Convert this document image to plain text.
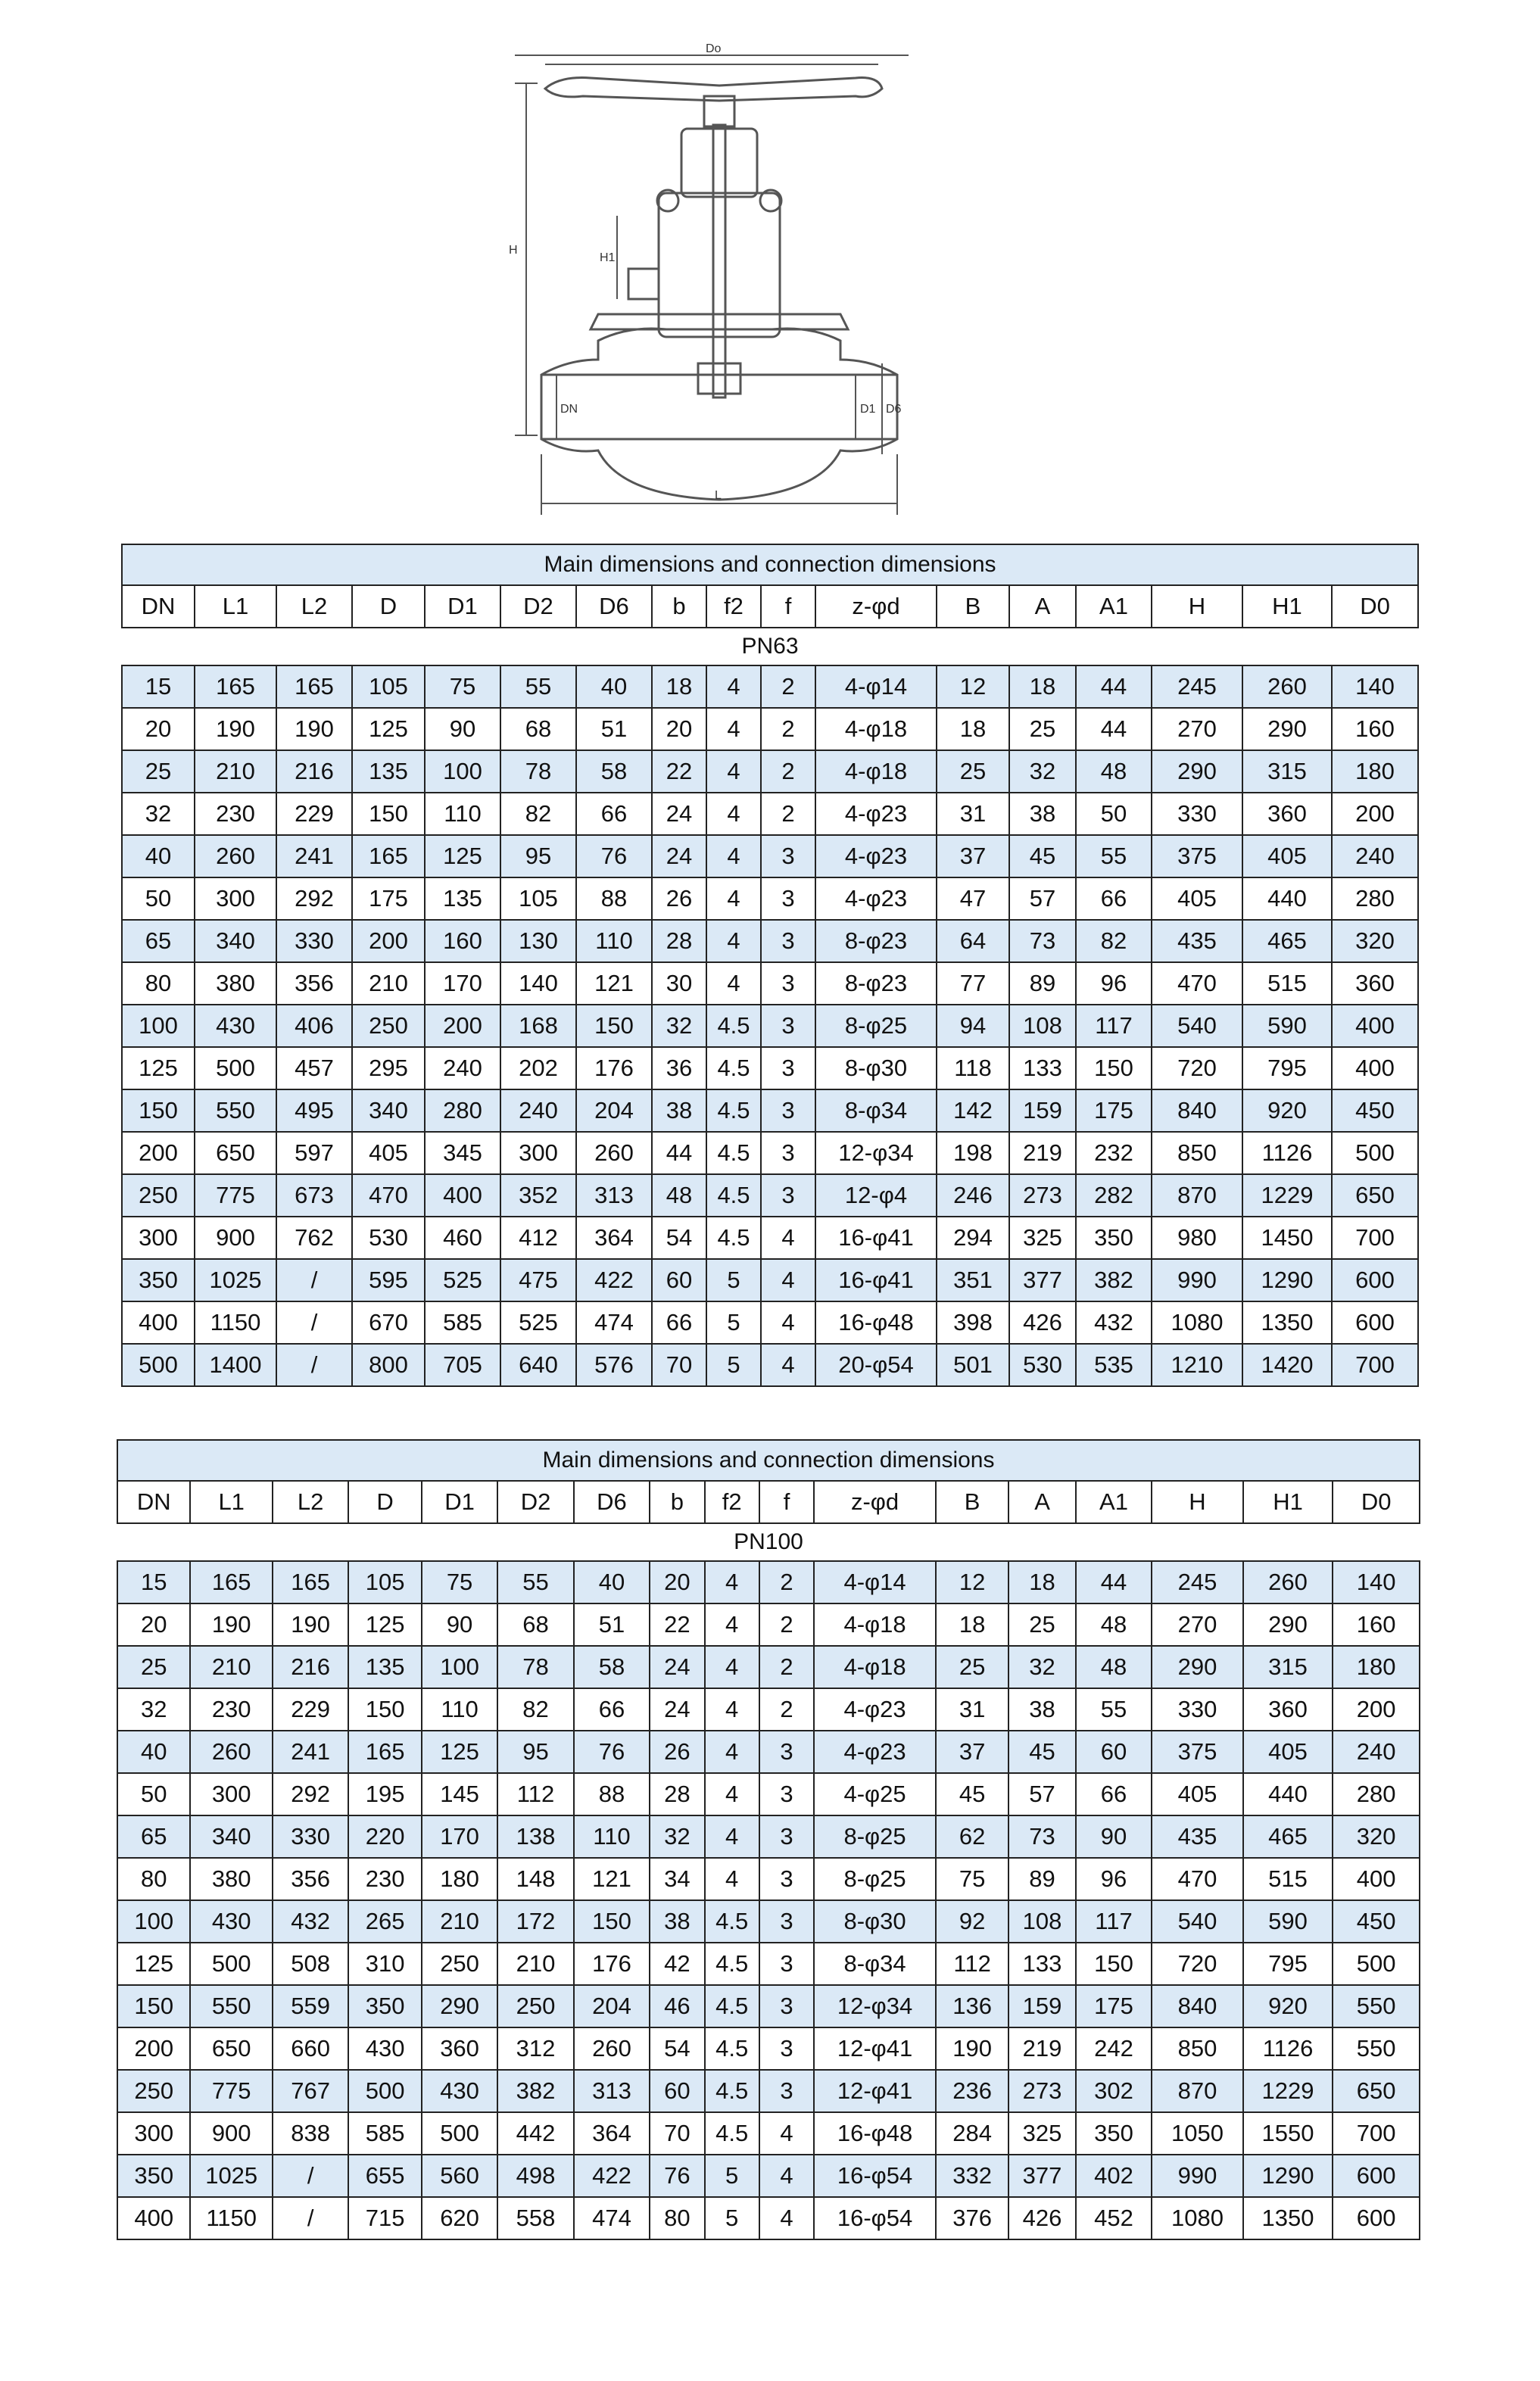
Do
H
H1
DN	D1 D6
L
Main dimensions and connection dimensions																
DN	L1	L2	D	D1	D2	D6	b	f2	f	z-φd	B	A	A1	H	H1	D0
PN63																
15	165	165	105	75	55	40	18	4	2	4-φ14	12	18	44	245	260	140
20	190	190	125	90	68	51	20	4	2	4-φ18	18	25	44	270	290	160
25	210	216	135	100	78	58	22	4	2	4-φ18	25	32	48	290	315	180
32	230	229	150	110	82	66	24	4	2	4-φ23	31	38	50	330	360	200
40	260	241	165	125	95	76	24	4	3	4-φ23	37	45	55	375	405	240
50	300	292	175	135	105	88	26	4	3	4-φ23	47	57	66	405	440	280
65	340	330	200	160	130	110	28	4	3	8-φ23	64	73	82	435	465	320
80	380	356	210	170	140	121	30	4	3	8-φ23	77	89	96	470	515	360
100	430	406	250	200	168	150	32	4.5	3	8-φ25	94	108	117	540	590	400
125	500	457	295	240	202	176	36	4.5	3	8-φ30	118	133	150	720	795	400
150	550	495	340	280	240	204	38	4.5	3	8-φ34	142	159	175	840	920	450
200	650	597	405	345	300	260	44	4.5	3	12-φ34	198	219	232	850	1126	500
250	775	673	470	400	352	313	48	4.5	3	12-φ4	246	273	282	870	1229	650
300	900	762	530	460	412	364	54	4.5	4	16-φ41	294	325	350	980	1450	700
350	1025	/	595	525	475	422	60	5	4	16-φ41	351	377	382	990	1290	600
400	1150	/	670	585	525	474	66	5	4	16-φ48	398	426	432	1080	1350	600
500	1400	/	800	705	640	576	70	5	4	20-φ54	501	530	535	1210	1420	700
Main dimensions and connection dimensions																
DN	L1	L2	D	D1	D2	D6	b	f2	f	z-φd	B	A	A1	H	H1	D0
PN100																
15	165	165	105	75	55	40	20	4	2	4-φ14	12	18	44	245	260	140
20	190	190	125	90	68	51	22	4	2	4-φ18	18	25	48	270	290	160
25	210	216	135	100	78	58	24	4	2	4-φ18	25	32	48	290	315	180
32	230	229	150	110	82	66	24	4	2	4-φ23	31	38	55	330	360	200
40	260	241	165	125	95	76	26	4	3	4-φ23	37	45	60	375	405	240
50	300	292	195	145	112	88	28	4	3	4-φ25	45	57	66	405	440	280
65	340	330	220	170	138	110	32	4	3	8-φ25	62	73	90	435	465	320
80	380	356	230	180	148	121	34	4	3	8-φ25	75	89	96	470	515	400
100	430	432	265	210	172	150	38	4.5	3	8-φ30	92	108	117	540	590	450
125	500	508	310	250	210	176	42	4.5	3	8-φ34	112	133	150	720	795	500
150	550	559	350	290	250	204	46	4.5	3	12-φ34	136	159	175	840	920	550
200	650	660	430	360	312	260	54	4.5	3	12-φ41	190	219	242	850	1126	550
250	775	767	500	430	382	313	60	4.5	3	12-φ41	236	273	302	870	1229	650
300	900	838	585	500	442	364	70	4.5	4	16-φ48	284	325	350	1050	1550	700
350	1025	/	655	560	498	422	76	5	4	16-φ54	332	377	402	990	1290	600
400	1150	/	715	620	558	474	80	5	4	16-φ54	376	426	452	1080	1350	600
